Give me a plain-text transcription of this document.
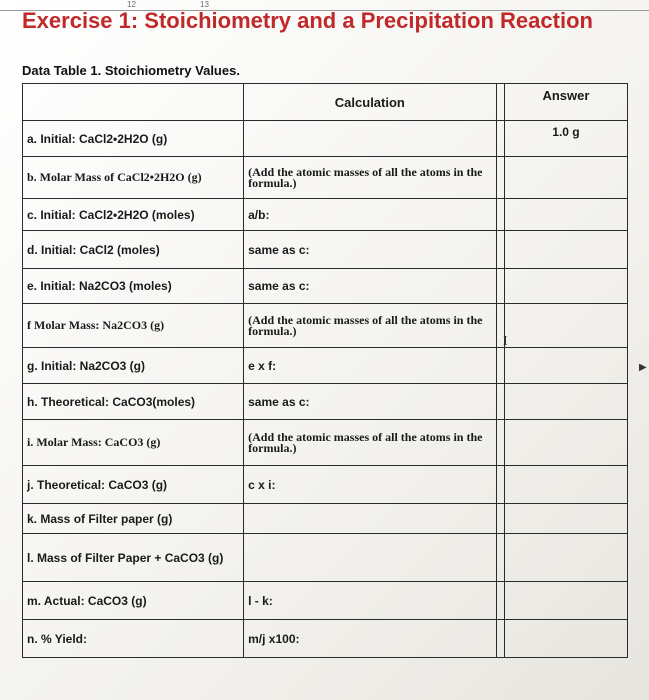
12	13
Exercise 1: Stoichiometry and a Precipitation Reaction
Data Table 1. Stoichiometry Values.
	Calculation		Answer
a. Initial: CaCl2•2H2O (g)			1.0 g
b. Molar Mass of CaCl2•2H2O (g)	(Add the atomic masses of all the atoms in the formula.)		
c. Initial: CaCl2•2H2O (moles)	a/b:		
d. Initial: CaCl2 (moles)	same as c:		
e. Initial: Na2CO3 (moles)	same as c:		
f Molar Mass: Na2CO3 (g)	(Add the atomic masses of all the atoms in the formula.)		
g. Initial: Na2CO3 (g)	e x f:		
h. Theoretical: CaCO3(moles)	same as c:		
i. Molar Mass: CaCO3 (g)	(Add the atomic masses of all the atoms in the formula.)		
j. Theoretical: CaCO3 (g)	c x i:		
k. Mass of Filter paper (g)			
l. Mass of Filter Paper + CaCO3 (g)			
m. Actual: CaCO3 (g)	l - k:		
n. % Yield:	m/j x100:		
I
▶
